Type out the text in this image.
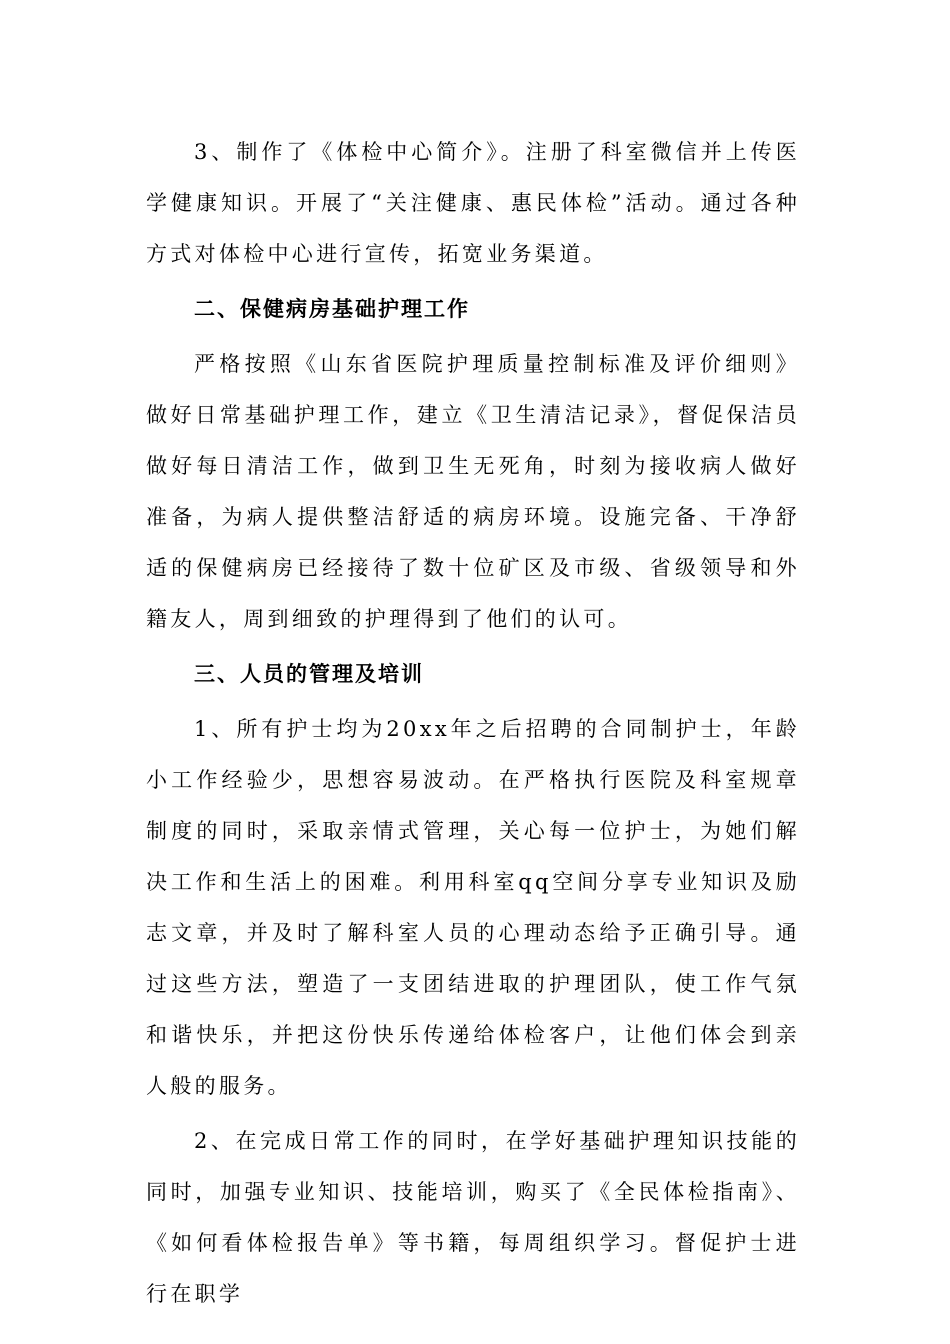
3、制作了《体检中心简介》。注册了科室微信并上传医学健康知识。开展了“关注健康、惠民体检”活动。通过各种方式对体检中心进行宣传，拓宽业务渠道。

二、保健病房基础护理工作

严格按照《山东省医院护理质量控制标准及评价细则》做好日常基础护理工作，建立《卫生清洁记录》，督促保洁员做好每日清洁工作，做到卫生无死角，时刻为接收病人做好准备，为病人提供整洁舒适的病房环境。设施完备、干净舒适的保健病房已经接待了数十位矿区及市级、省级领导和外籍友人，周到细致的护理得到了他们的认可。

三、人员的管理及培训

1、所有护士均为20xx年之后招聘的合同制护士，年龄小工作经验少，思想容易波动。在严格执行医院及科室规章制度的同时，采取亲情式管理，关心每一位护士，为她们解决工作和生活上的困难。利用科室qq空间分享专业知识及励志文章，并及时了解科室人员的心理动态给予正确引导。通过这些方法，塑造了一支团结进取的护理团队，使工作气氛和谐快乐，并把这份快乐传递给体检客户，让他们体会到亲人般的服务。

2、在完成日常工作的同时，在学好基础护理知识技能的同时，加强专业知识、技能培训，购买了《全民体检指南》、《如何看体检报告单》等书籍，每周组织学习。督促护士进行在职学
